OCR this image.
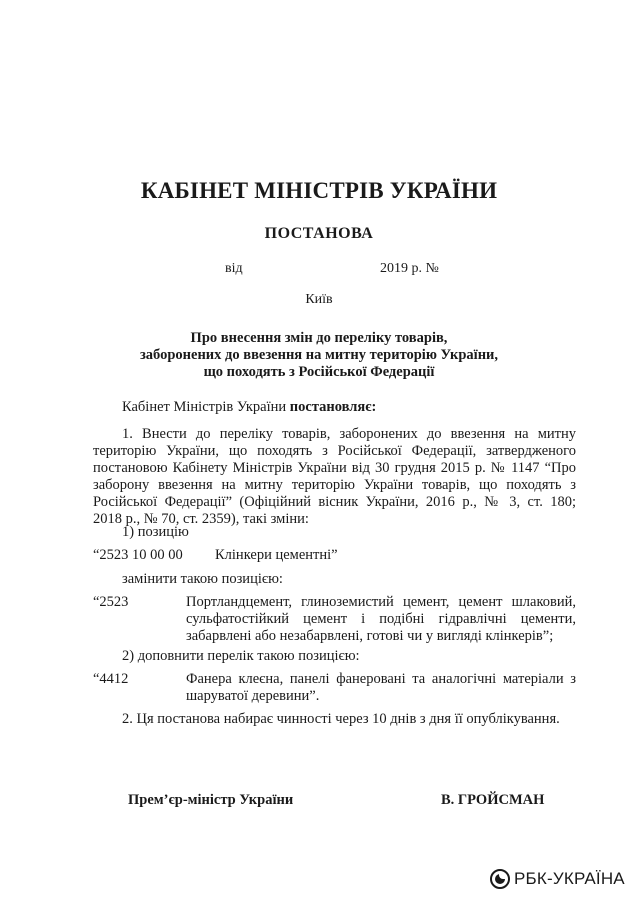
КАБІНЕТ МІНІСТРІВ УКРАЇНИ
ПОСТАНОВА
від	2019 р. №
Київ
Про внесення змін до переліку товарів,
заборонених до ввезення на митну територію України,
що походять з Російської Федерації
Кабінет Міністрів України постановляє:
1. Внести до переліку товарів, заборонених до ввезення на митну
територію України, що походять з Російської Федерації, затвердженого
постановою Кабінету Міністрів України від 30 грудня 2015 р. № 1147 “Про
заборону ввезення на митну територію України товарів, що походять з
Російської Федерації” (Офіційний вісник України, 2016 р., № 3, ст. 180;
2018 р., № 70, ст. 2359), такі зміни:
1) позицію
“2523 10 00 00 Клінкери цементні”
замінити такою позицією:
“2523	Портландцемент, глиноземистий цемент, цемент шлаковий,
сульфатостійкий цемент і подібні гідравлічні цементи,
забарвлені або незабарвлені, готові чи у вигляді клінкерів”;
2) доповнити перелік такою позицією:
“4412	Фанера клеєна, панелі фанеровані та аналогічні матеріали з
шаруватої деревини”.
2. Ця постанова набирає чинності через 10 днів з дня її опублікування.
Прем’єр-міністр України	В. ГРОЙСМАН
РБК-УКРАЇНА
